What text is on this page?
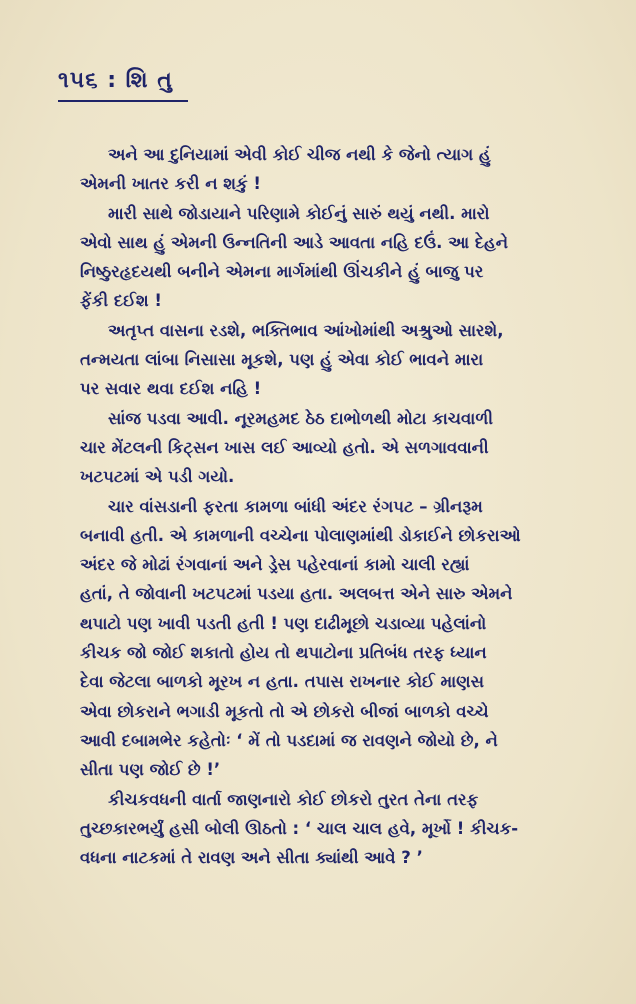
૧૫૬ : શિ તુ
અને આ દુનિયામાં એવી કોઈ ચીજ નથી કે જેનો ત્યાગ હું
એમની ખાતર કરી ન શકું !
મારી સાથે જોડાયાને પરિણામે કોઈનું સારું થયું નથી. મારો
એવો સાથ હું એમની ઉન્નતિની આડે આવતા નહિ દઉં. આ દેહને
નિષ્ઠુરહૃદયથી બનીને એમના માર્ગમાંથી ઊંચકીને હું બાજુ પર
ફેંકી દઈશ !
અતૃપ્ત વાસના રડશે, ભક્તિભાવ આંખોમાંથી અશ્રુઓ સારશે,
તન્મયતા લાંબા નિસાસા મૂકશે, પણ હું એવા કોઈ ભાવને મારા
પર સવાર થવા દઈશ નહિ !
સાંજ પડવા આવી. નૂરમહમદ ઠેઠ દાભોળથી મોટા કાચવાળી
ચાર મેંટલની કિટ્સન ખાસ લઈ આવ્યો હતો. એ સળગાવવાની
ખટપટમાં એ પડી ગયો.
ચાર વાંસડાની ફરતા કામળા બાંધી અંદર રંગપટ – ગ્રીનરૂમ
બનાવી હતી. એ કામળાની વચ્ચેના પોલાણમાંથી ડોકાઈને છોકરાઓ
અંદર જે મોઢાં રંગવાનાં અને ડ્રેસ પહેરવાનાં કામો ચાલી રહ્યાં
હતાં, તે જોવાની ખટપટમાં પડયા હતા. અલબત્ત એને સારુ એમને
થપાટો પણ ખાવી પડતી હતી ! પણ દાઢીમૂછો ચડાવ્યા પહેલાંનો
કીચક જો જોઈ શકાતો હોય તો થપાટોના પ્રતિબંધ તરફ ધ્યાન
દેવા જેટલા બાળકો મૂરખ ન હતા. તપાસ રાખનાર કોઈ માણસ
એવા છોકરાને ભગાડી મૂકતો તો એ છોકરો બીજાં બાળકો વચ્ચે
આવી દબામભેર કહેતોઃ ‘ મેં તો પડદામાં જ રાવણને જોયો છે, ને
સીતા પણ જોઈ છે !’
કીચકવધની વાર્તા જાણનારો કોઈ છોકરો તુરત તેના તરફ
તુચ્છકારભર્યું હસી બોલી ઊઠતો : ‘ ચાલ ચાલ હવે, મૂર્ખો ! કીચક-
વધના નાટકમાં તે રાવણ અને સીતા ક્યાંથી આવે ? ’
